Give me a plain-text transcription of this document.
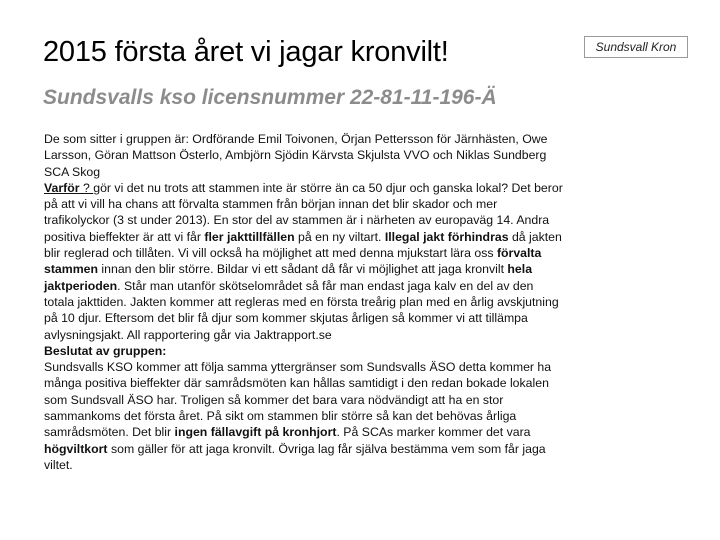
2015 första året vi jagar kronvilt!	Sundsvall Kron
Sundsvalls kso licensnummer 22-81-11-196-Ä

De som sitter i gruppen är: Ordförande Emil Toivonen, Örjan Pettersson för Järnhästen, Owe Larsson, Göran Mattson Österlo, Ambjörn Sjödin Kärvsta Skjulsta VVO och Niklas Sundberg SCA Skog

Varför ? gör vi det nu trots att stammen inte är större än ca 50 djur och ganska lokal? Det beror på att vi vill ha chans att förvalta stammen från början innan det blir skador och mer trafikolyckor (3 st under 2013). En stor del av stammen är i närheten av europaväg 14. Andra positiva bieffekter är att vi får fler jakttillfällen på en ny viltart. Illegal jakt förhindras då jakten blir reglerad och tillåten. Vi vill också ha möjlighet att med denna mjukstart lära oss förvalta stammen innan den blir större. Bildar vi ett sådant då får vi möjlighet att jaga kronvilt hela jaktperioden. Står man utanför skötselområdet så får man endast jaga kalv en del av den totala jakttiden. Jakten kommer att regleras med en första treårig plan med en årlig avskjutning på 10 djur. Eftersom det blir få djur som kommer skjutas årligen så kommer vi att tillämpa avlysningsjakt. All rapportering går via Jaktrapport.se

Beslutat av gruppen:

Sundsvalls KSO kommer att följa samma yttergränser som Sundsvalls ÄSO detta kommer ha många positiva bieffekter där samrådsmöten kan hållas samtidigt i den redan bokade lokalen som Sundsvall ÄSO har. Troligen så kommer det bara vara nödvändigt att ha en stor sammankoms det första året. På sikt om stammen blir större så kan det behövas årliga samrådsmöten. Det blir ingen fällavgift på kronhjort. På SCAs marker kommer det vara högviltkort som gäller för att jaga kronvilt. Övriga lag får själva bestämma vem som får jaga viltet.
